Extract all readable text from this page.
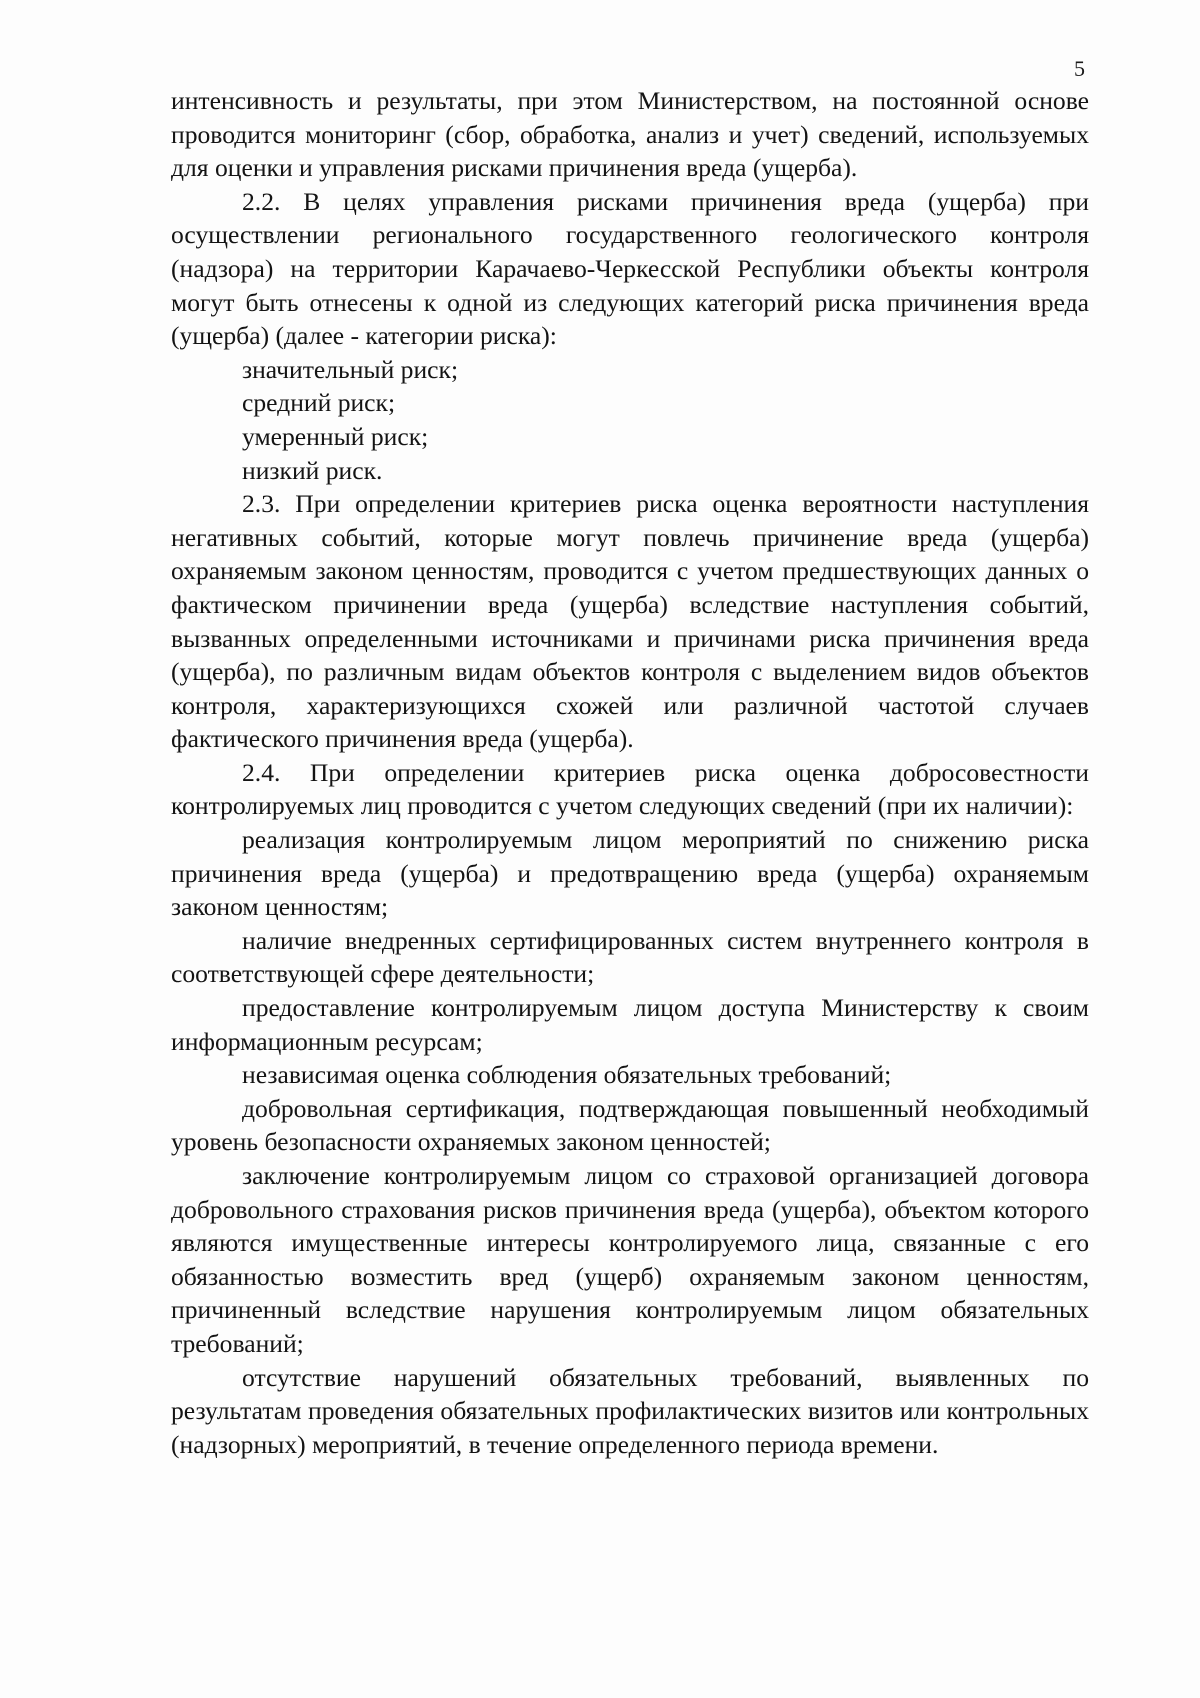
5

интенсивность и результаты, при этом Министерством, на постоянной основе проводится мониторинг (сбор, обработка, анализ и учет) сведений, используемых для оценки и управления рисками причинения вреда (ущерба).

2.2. В целях управления рисками причинения вреда (ущерба) при осуществлении регионального государственного геологического контроля (надзора) на территории Карачаево-Черкесской Республики объекты контроля могут быть отнесены к одной из следующих категорий риска причинения вреда (ущерба) (далее - категории риска):

значительный риск;

средний риск;

умеренный риск;

низкий риск.

2.3. При определении критериев риска оценка вероятности наступления негативных событий, которые могут повлечь причинение вреда (ущерба) охраняемым законом ценностям, проводится с учетом предшествующих данных о фактическом причинении вреда (ущерба) вследствие наступления событий, вызванных определенными источниками и причинами риска причинения вреда (ущерба), по различным видам объектов контроля с выделением видов объектов контроля, характеризующихся схожей или различной частотой случаев фактического причинения вреда (ущерба).

2.4. При определении критериев риска оценка добросовестности контролируемых лиц проводится с учетом следующих сведений (при их наличии):

реализация контролируемым лицом мероприятий по снижению риска причинения вреда (ущерба) и предотвращению вреда (ущерба) охраняемым законом ценностям;

наличие внедренных сертифицированных систем внутреннего контроля в соответствующей сфере деятельности;

предоставление контролируемым лицом доступа Министерству к своим информационным ресурсам;

независимая оценка соблюдения обязательных требований;

добровольная сертификация, подтверждающая повышенный необходимый уровень безопасности охраняемых законом ценностей;

заключение контролируемым лицом со страховой организацией договора добровольного страхования рисков причинения вреда (ущерба), объектом которого являются имущественные интересы контролируемого лица, связанные с его обязанностью возместить вред (ущерб) охраняемым законом ценностям, причиненный вследствие нарушения контролируемым лицом обязательных требований;

отсутствие нарушений обязательных требований, выявленных по результатам проведения обязательных профилактических визитов или контрольных (надзорных) мероприятий, в течение определенного периода времени.
